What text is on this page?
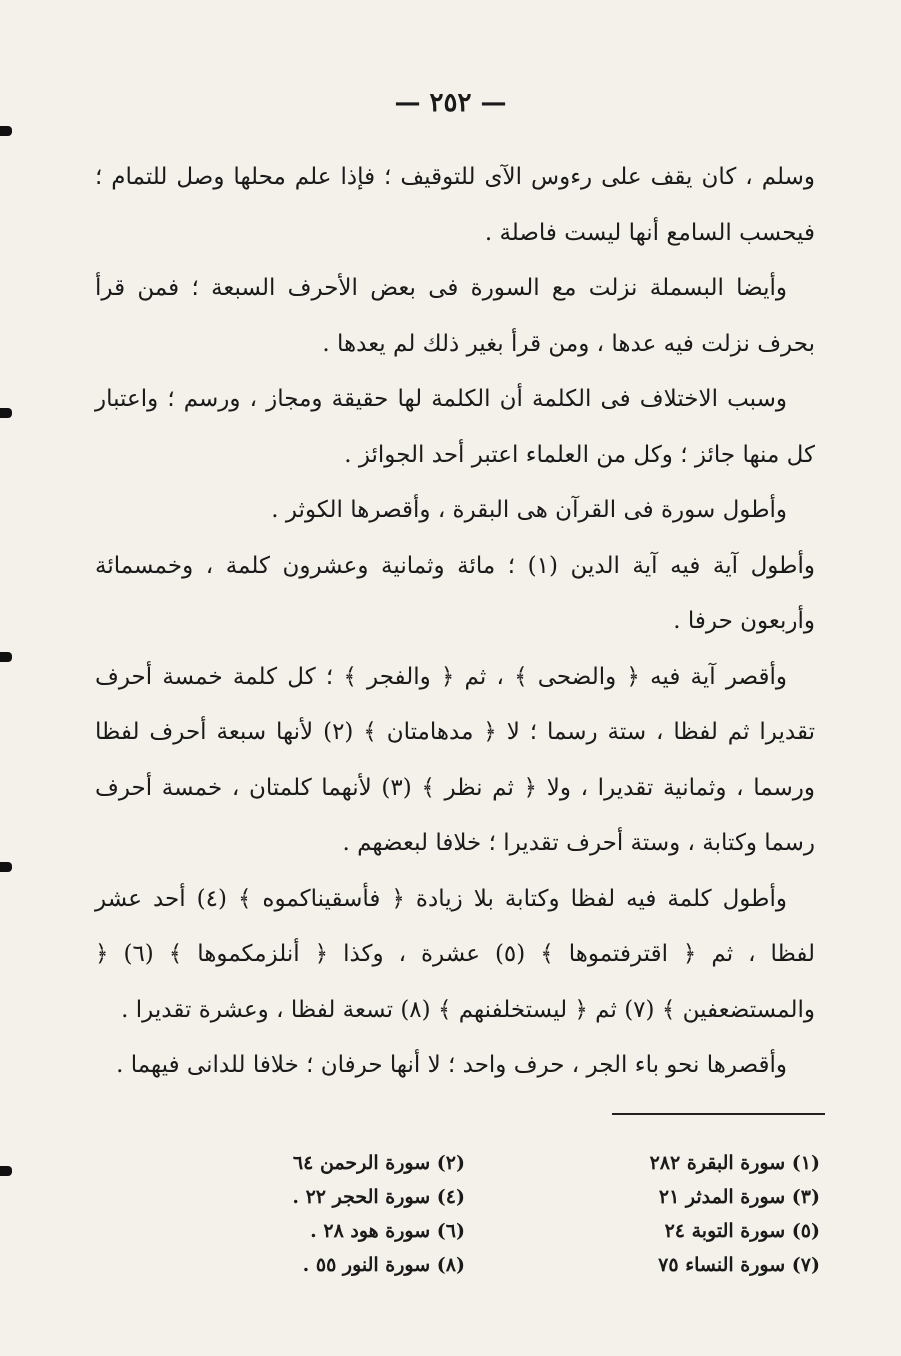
— ٢٥٢ —

وسلم ، كان يقف على رءوس الآى للتوقيف ؛ فإذا علم محلها وصل للتمام ؛ فيحسب السامع أنها ليست فاصلة .

وأيضا البسملة نزلت مع السورة فى بعض الأحرف السبعة ؛ فمن قرأ بحرف نزلت فيه عدها ، ومن قرأ بغير ذلك لم يعدها .

وسبب الاختلاف فى الكلمة أن الكلمة لها حقيقة ومجاز ، ورسم ؛ واعتبار كل منها جائز ؛ وكل من العلماء اعتبر أحد الجوائز .

وأطول سورة فى القرآن هى البقرة ، وأقصرها الكوثر .

وأطول آية فيه آية الدين (١) ؛ مائة وثمانية وعشرون كلمة ، وخمسمائة وأربعون حرفا .

وأقصر آية فيه ﴿ والضحى ﴾ ، ثم ﴿ والفجر ﴾ ؛ كل كلمة خمسة أحرف تقديرا ثم لفظا ، ستة رسما ؛ لا ﴿ مدهامتان ﴾ (٢) لأنها سبعة أحرف لفظا ورسما ، وثمانية تقديرا ، ولا ﴿ ثم نظر ﴾ (٣) لأنهما كلمتان ، خمسة أحرف رسما وكتابة ، وستة أحرف تقديرا ؛ خلافا لبعضهم .

وأطول كلمة فيه لفظا وكتابة بلا زيادة ﴿ فأسقيناكموه ﴾ (٤) أحد عشر لفظا ، ثم ﴿ اقترفتموها ﴾ (٥) عشرة ، وكذا ﴿ أنلزمكموها ﴾ (٦) ﴿ والمستضعفين ﴾ (٧) ثم ﴿ ليستخلفنهم ﴾ (٨) تسعة لفظا ، وعشرة تقديرا .

وأقصرها نحو باء الجر ، حرف واحد ؛ لا أنها حرفان ؛ خلافا للدانى فيهما .

(١) سورة البقرة ٢٨٢
(٢) سورة الرحمن ٦٤
(٣) سورة المدثر ٢١
(٤) سورة الحجر ٢٢ .
(٥) سورة التوبة ٢٤
(٦) سورة هود ٢٨ .
(٧) سورة النساء ٧٥
(٨) سورة النور ٥٥ .
